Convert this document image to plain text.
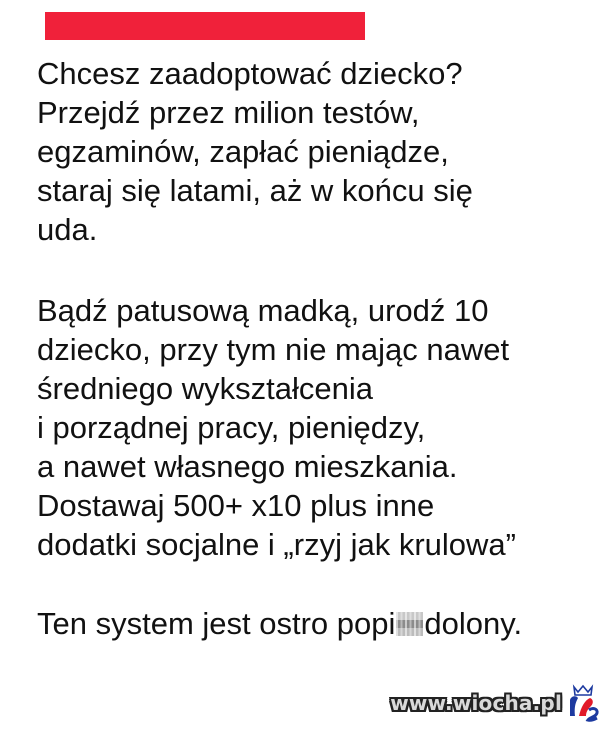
Chcesz zaadoptować dziecko?
Przejdź przez milion testów,
egzaminów, zapłać pieniądze,
staraj się latami, aż w końcu się
uda.
Bądź patusową madką, urodź 10
dziecko, przy tym nie mając nawet
średniego wykształcenia
i porządnej pracy, pieniędzy,
a nawet własnego mieszkania.
Dostawaj 500+ x10 plus inne
dodatki socjalne i „rzyj jak krulowa”
Ten system jest ostro popi dolony.
www.wiocha.pl
